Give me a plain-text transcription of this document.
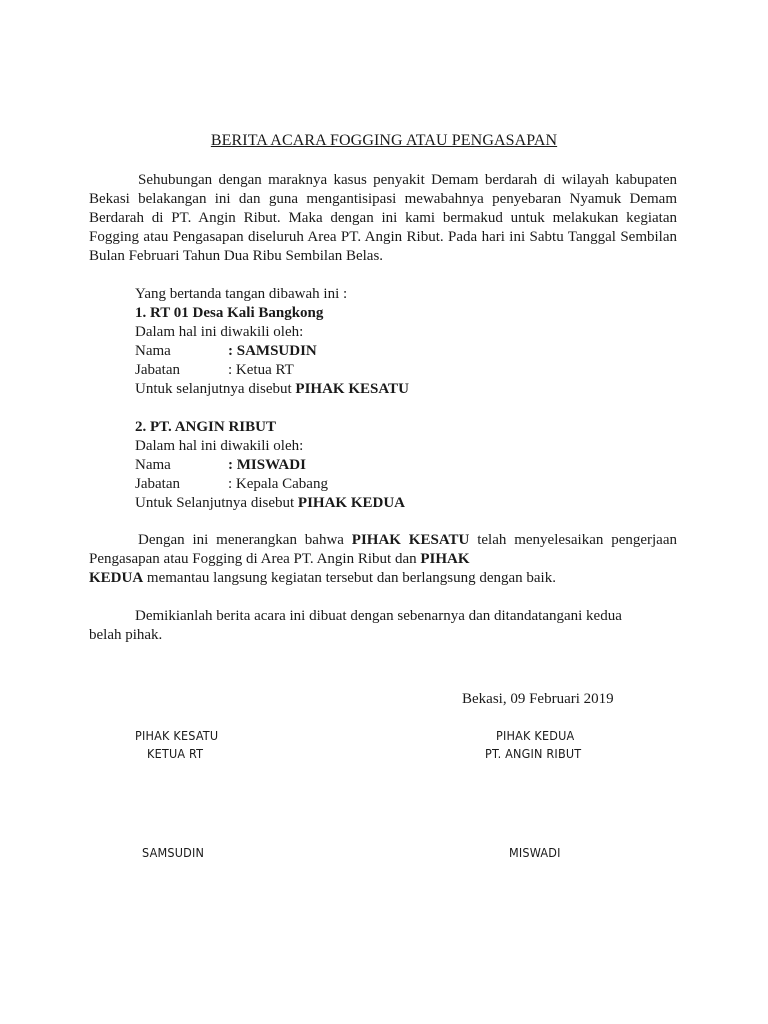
BERITA ACARA FOGGING ATAU PENGASAPAN
Sehubungan dengan maraknya kasus penyakit Demam berdarah di wilayah kabupaten Bekasi belakangan ini dan guna mengantisipasi mewabahnya penyebaran Nyamuk Demam Berdarah di PT. Angin Ribut. Maka dengan ini kami bermakud untuk melakukan kegiatan Fogging atau Pengasapan diseluruh Area PT. Angin Ribut. Pada hari ini Sabtu Tanggal Sembilan Bulan Februari Tahun Dua Ribu Sembilan Belas.
Yang bertanda tangan dibawah ini :
1. RT 01 Desa Kali Bangkong
Dalam hal ini diwakili oleh:
Nama	: SAMSUDIN
Jabatan	: Ketua RT
Untuk selanjutnya disebut PIHAK KESATU
2. PT. ANGIN RIBUT
Dalam hal ini diwakili oleh:
Nama	: MISWADI
Jabatan	: Kepala Cabang
Untuk Selanjutnya disebut PIHAK KEDUA
Dengan ini menerangkan bahwa PIHAK KESATU telah menyelesaikan pengerjaan
Pengasapan atau Fogging di Area PT. Angin Ribut dan PIHAK
KEDUA memantau langsung kegiatan tersebut dan berlangsung dengan baik.
Demikianlah berita acara ini dibuat dengan sebenarnya dan ditandatangani kedua
belah pihak.
Bekasi, 09 Februari 2019
PIHAK KESATU
KETUA RT
SAMSUDIN
PIHAK KEDUA
PT. ANGIN RIBUT
MISWADI
